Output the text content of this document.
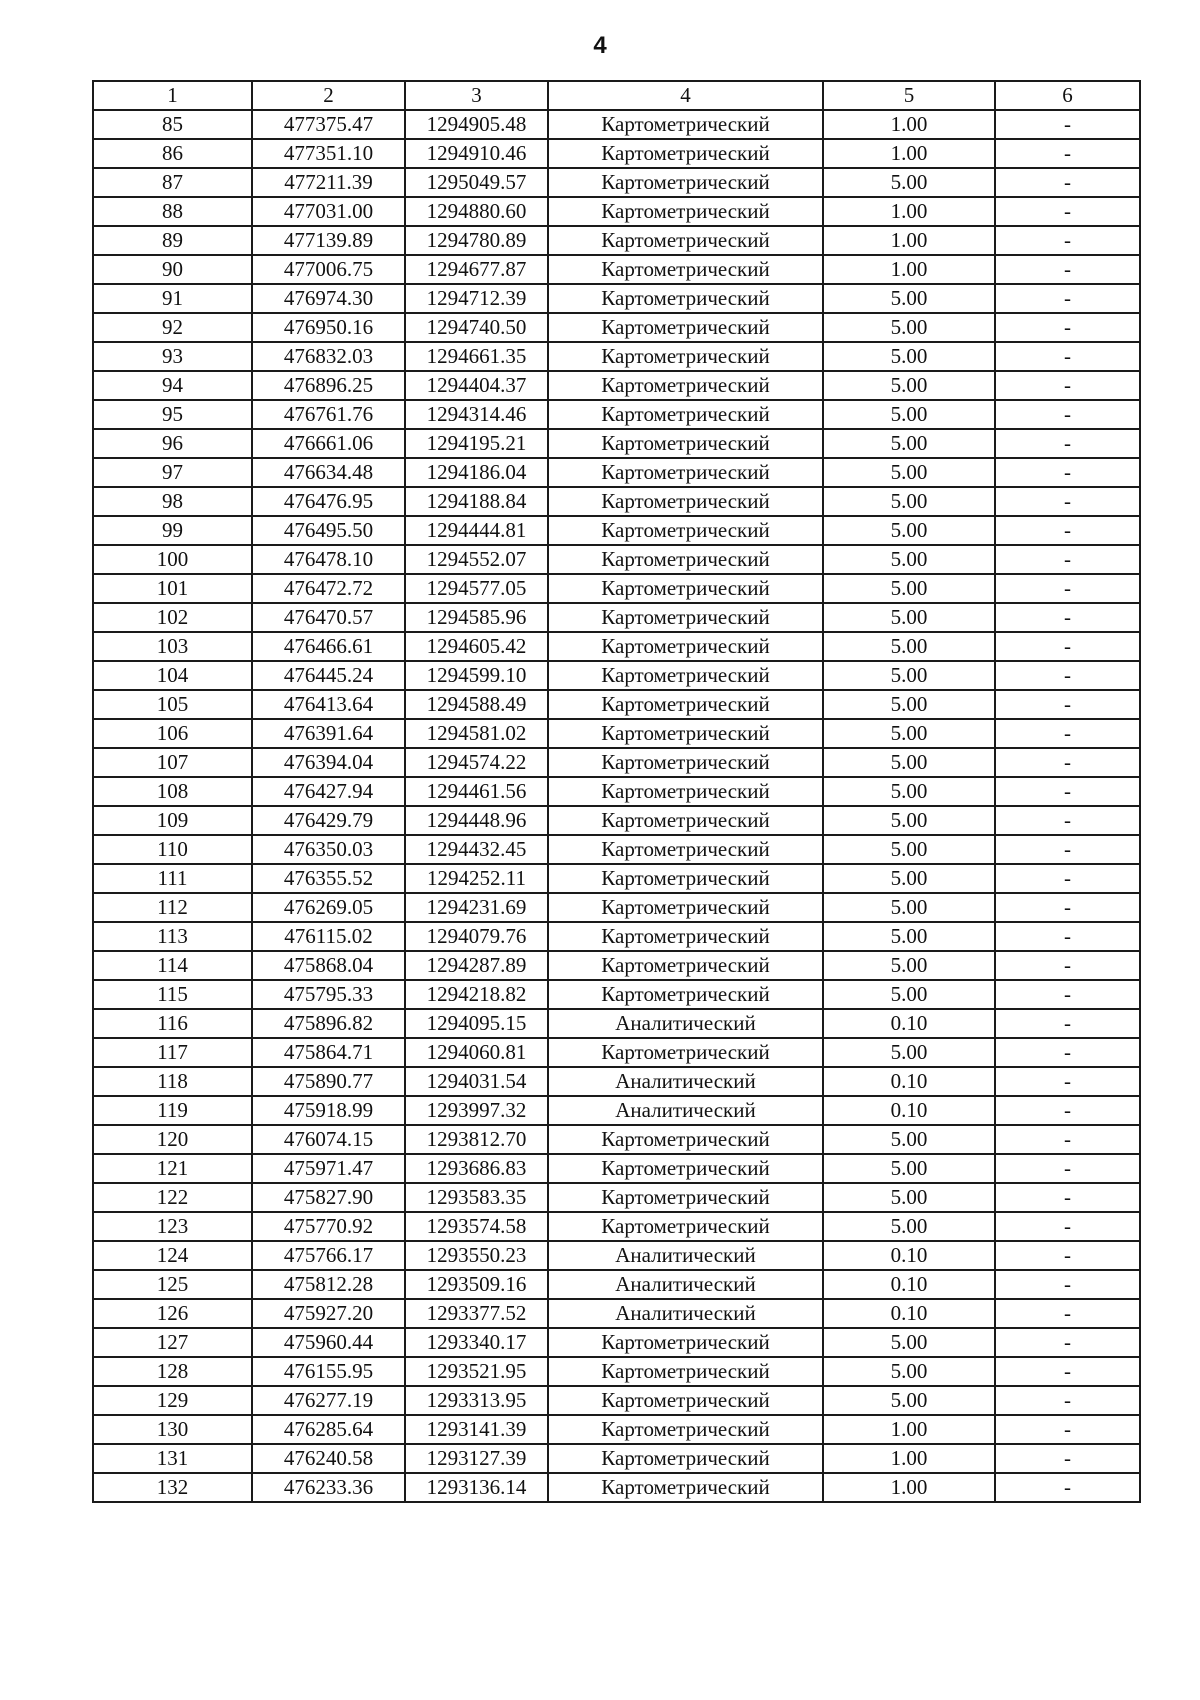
4
1	2	3	4	5	6
85	477375.47	1294905.48	Картометрический	1.00	-
86	477351.10	1294910.46	Картометрический	1.00	-
87	477211.39	1295049.57	Картометрический	5.00	-
88	477031.00	1294880.60	Картометрический	1.00	-
89	477139.89	1294780.89	Картометрический	1.00	-
90	477006.75	1294677.87	Картометрический	1.00	-
91	476974.30	1294712.39	Картометрический	5.00	-
92	476950.16	1294740.50	Картометрический	5.00	-
93	476832.03	1294661.35	Картометрический	5.00	-
94	476896.25	1294404.37	Картометрический	5.00	-
95	476761.76	1294314.46	Картометрический	5.00	-
96	476661.06	1294195.21	Картометрический	5.00	-
97	476634.48	1294186.04	Картометрический	5.00	-
98	476476.95	1294188.84	Картометрический	5.00	-
99	476495.50	1294444.81	Картометрический	5.00	-
100	476478.10	1294552.07	Картометрический	5.00	-
101	476472.72	1294577.05	Картометрический	5.00	-
102	476470.57	1294585.96	Картометрический	5.00	-
103	476466.61	1294605.42	Картометрический	5.00	-
104	476445.24	1294599.10	Картометрический	5.00	-
105	476413.64	1294588.49	Картометрический	5.00	-
106	476391.64	1294581.02	Картометрический	5.00	-
107	476394.04	1294574.22	Картометрический	5.00	-
108	476427.94	1294461.56	Картометрический	5.00	-
109	476429.79	1294448.96	Картометрический	5.00	-
110	476350.03	1294432.45	Картометрический	5.00	-
111	476355.52	1294252.11	Картометрический	5.00	-
112	476269.05	1294231.69	Картометрический	5.00	-
113	476115.02	1294079.76	Картометрический	5.00	-
114	475868.04	1294287.89	Картометрический	5.00	-
115	475795.33	1294218.82	Картометрический	5.00	-
116	475896.82	1294095.15	Аналитический	0.10	-
117	475864.71	1294060.81	Картометрический	5.00	-
118	475890.77	1294031.54	Аналитический	0.10	-
119	475918.99	1293997.32	Аналитический	0.10	-
120	476074.15	1293812.70	Картометрический	5.00	-
121	475971.47	1293686.83	Картометрический	5.00	-
122	475827.90	1293583.35	Картометрический	5.00	-
123	475770.92	1293574.58	Картометрический	5.00	-
124	475766.17	1293550.23	Аналитический	0.10	-
125	475812.28	1293509.16	Аналитический	0.10	-
126	475927.20	1293377.52	Аналитический	0.10	-
127	475960.44	1293340.17	Картометрический	5.00	-
128	476155.95	1293521.95	Картометрический	5.00	-
129	476277.19	1293313.95	Картометрический	5.00	-
130	476285.64	1293141.39	Картометрический	1.00	-
131	476240.58	1293127.39	Картометрический	1.00	-
132	476233.36	1293136.14	Картометрический	1.00	-
